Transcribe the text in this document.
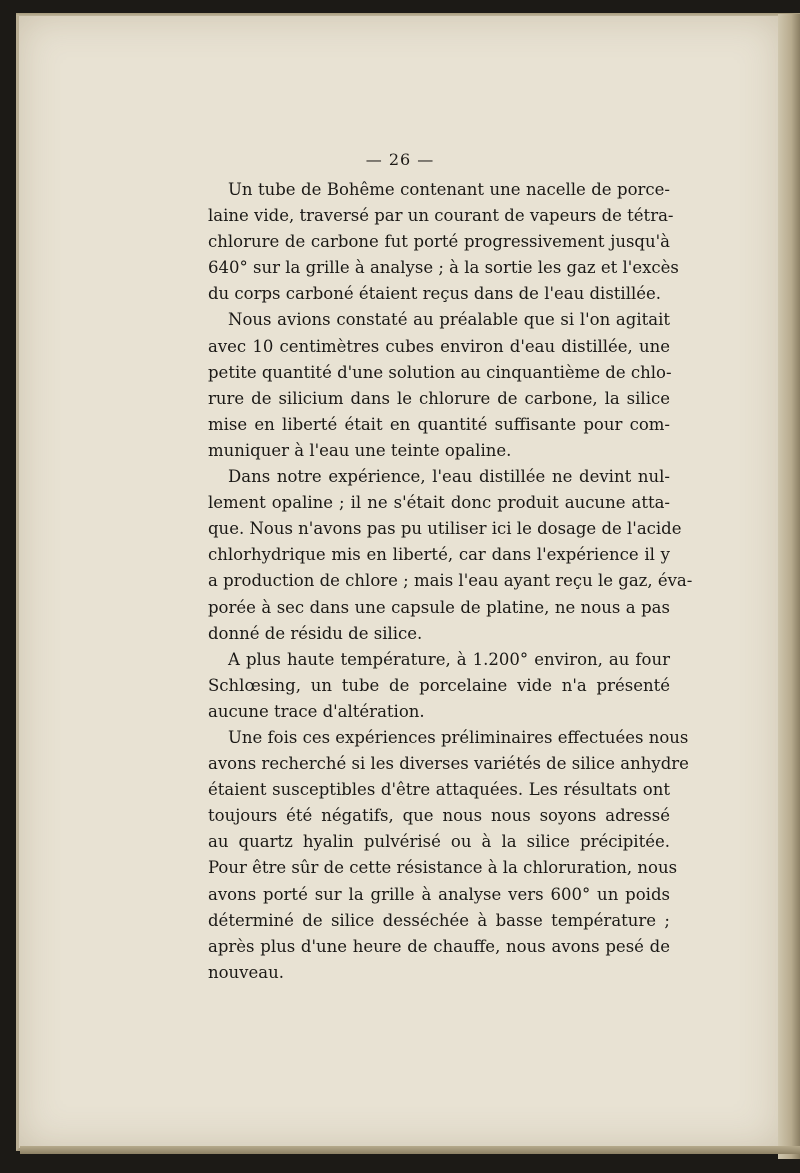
— 26 —

Un tube de Bohême contenant une nacelle de porce-
laine vide, traversé par un courant de vapeurs de tétra-
chlorure de carbone fut porté progressivement jusqu'à
640° sur la grille à analyse ; à la sortie les gaz et l'excès
du corps carboné étaient reçus dans de l'eau distillée.

Nous avions constaté au préalable que si l'on agitait
avec 10 centimètres cubes environ d'eau distillée, une
petite quantité d'une solution au cinquantième de chlo-
rure de silicium dans le chlorure de carbone, la silice
mise en liberté était en quantité suffisante pour com-
muniquer à l'eau une teinte opaline.

Dans notre expérience, l'eau distillée ne devint nul-
lement opaline ; il ne s'était donc produit aucune atta-
que. Nous n'avons pas pu utiliser ici le dosage de l'acide
chlorhydrique mis en liberté, car dans l'expérience il y
a production de chlore ; mais l'eau ayant reçu le gaz, éva-
porée à sec dans une capsule de platine, ne nous a pas
donné de résidu de silice.

A plus haute température, à 1.200° environ, au four
Schlœsing, un tube de porcelaine vide n'a présenté
aucune trace d'altération.

Une fois ces expériences préliminaires effectuées nous
avons recherché si les diverses variétés de silice anhydre
étaient susceptibles d'être attaquées. Les résultats ont
toujours été négatifs, que nous nous soyons adressé
au quartz hyalin pulvérisé ou à la silice précipitée.
Pour être sûr de cette résistance à la chloruration, nous
avons porté sur la grille à analyse vers 600° un poids
déterminé de silice desséchée à basse température ;
après plus d'une heure de chauffe, nous avons pesé de
nouveau.
